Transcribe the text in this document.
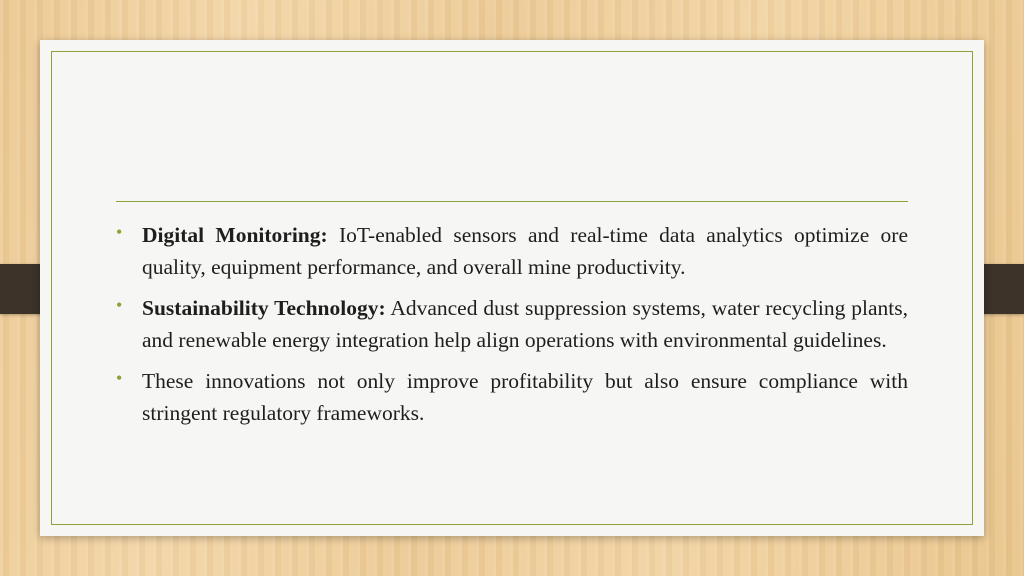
• Digital Monitoring: IoT-enabled sensors and real-time data analytics optimize ore quality, equipment performance, and overall mine productivity.
• Sustainability Technology: Advanced dust suppression systems, water recycling plants, and renewable energy integration help align operations with environmental guidelines.
• These innovations not only improve profitability but also ensure compliance with stringent regulatory frameworks.
